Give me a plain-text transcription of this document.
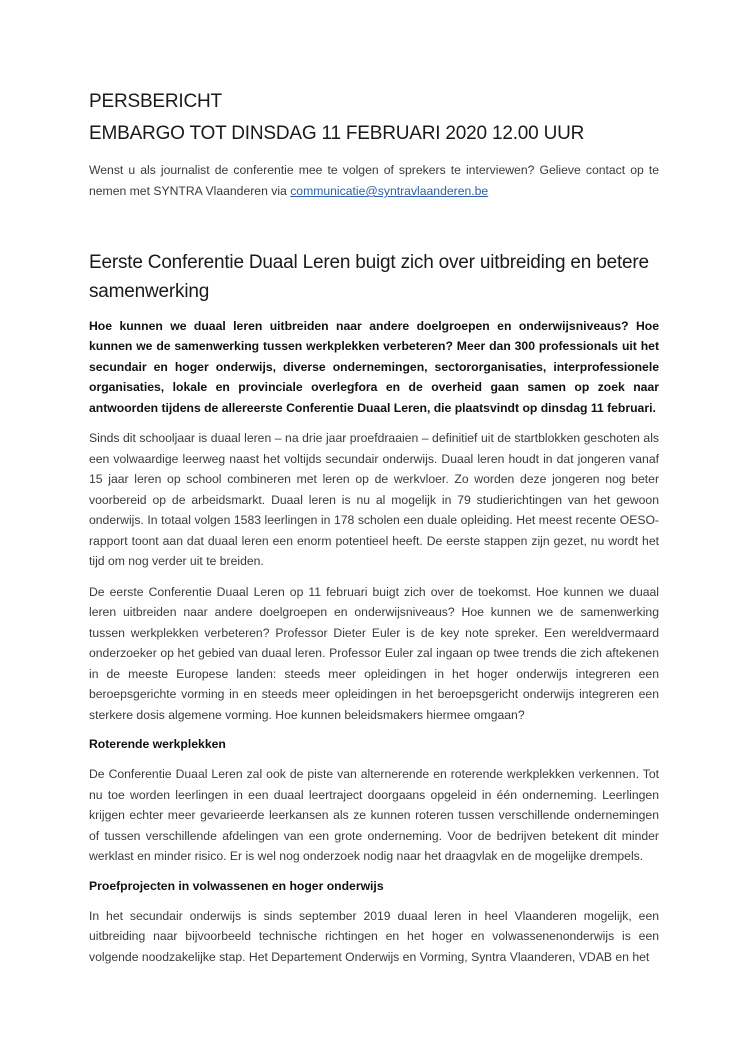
PERSBERICHT
EMBARGO TOT DINSDAG 11 FEBRUARI 2020 12.00 UUR
Wenst u als journalist de conferentie mee te volgen of sprekers te interviewen? Gelieve contact op te nemen met SYNTRA Vlaanderen via communicatie@syntravlaanderen.be
Eerste Conferentie Duaal Leren buigt zich over uitbreiding en betere samenwerking
Hoe kunnen we duaal leren uitbreiden naar andere doelgroepen en onderwijsniveaus? Hoe kunnen we de samenwerking tussen werkplekken verbeteren? Meer dan 300 professionals uit het secundair en hoger onderwijs, diverse ondernemingen, sectororganisaties, interprofessionele organisaties, lokale en provinciale overlegfora en de overheid gaan samen op zoek naar antwoorden tijdens de allereerste Conferentie Duaal Leren, die plaatsvindt op dinsdag 11 februari.
Sinds dit schooljaar is duaal leren – na drie jaar proefdraaien – definitief uit de startblokken geschoten als een volwaardige leerweg naast het voltijds secundair onderwijs. Duaal leren houdt in dat jongeren vanaf 15 jaar leren op school combineren met leren op de werkvloer. Zo worden deze jongeren nog beter voorbereid op de arbeidsmarkt. Duaal leren is nu al mogelijk in 79 studierichtingen van het gewoon onderwijs. In totaal volgen 1583 leerlingen in 178 scholen een duale opleiding. Het meest recente OESO-rapport toont aan dat duaal leren een enorm potentieel heeft. De eerste stappen zijn gezet, nu wordt het tijd om nog verder uit te breiden.
De eerste Conferentie Duaal Leren op 11 februari buigt zich over de toekomst. Hoe kunnen we duaal leren uitbreiden naar andere doelgroepen en onderwijsniveaus? Hoe kunnen we de samenwerking tussen werkplekken verbeteren? Professor Dieter Euler is de key note spreker. Een wereldvermaard onderzoeker op het gebied van duaal leren. Professor Euler zal ingaan op twee trends die zich aftekenen in de meeste Europese landen: steeds meer opleidingen in het hoger onderwijs integreren een beroepsgerichte vorming in en steeds meer opleidingen in het beroepsgericht onderwijs integreren een sterkere dosis algemene vorming. Hoe kunnen beleidsmakers hiermee omgaan?
Roterende werkplekken
De Conferentie Duaal Leren zal ook de piste van alternerende en roterende werkplekken verkennen. Tot nu toe worden leerlingen in een duaal leertraject doorgaans opgeleid in één onderneming. Leerlingen krijgen echter meer gevarieerde leerkansen als ze kunnen roteren tussen verschillende ondernemingen of tussen verschillende afdelingen van een grote onderneming. Voor de bedrijven betekent dit minder werklast en minder risico. Er is wel nog onderzoek nodig naar het draagvlak en de mogelijke drempels.
Proefprojecten in volwassenen en hoger onderwijs
In het secundair onderwijs is sinds september 2019 duaal leren in heel Vlaanderen mogelijk, een uitbreiding naar bijvoorbeeld technische richtingen en het hoger en volwassenenonderwijs is een volgende noodzakelijke stap. Het Departement Onderwijs en Vorming, Syntra Vlaanderen, VDAB en het
